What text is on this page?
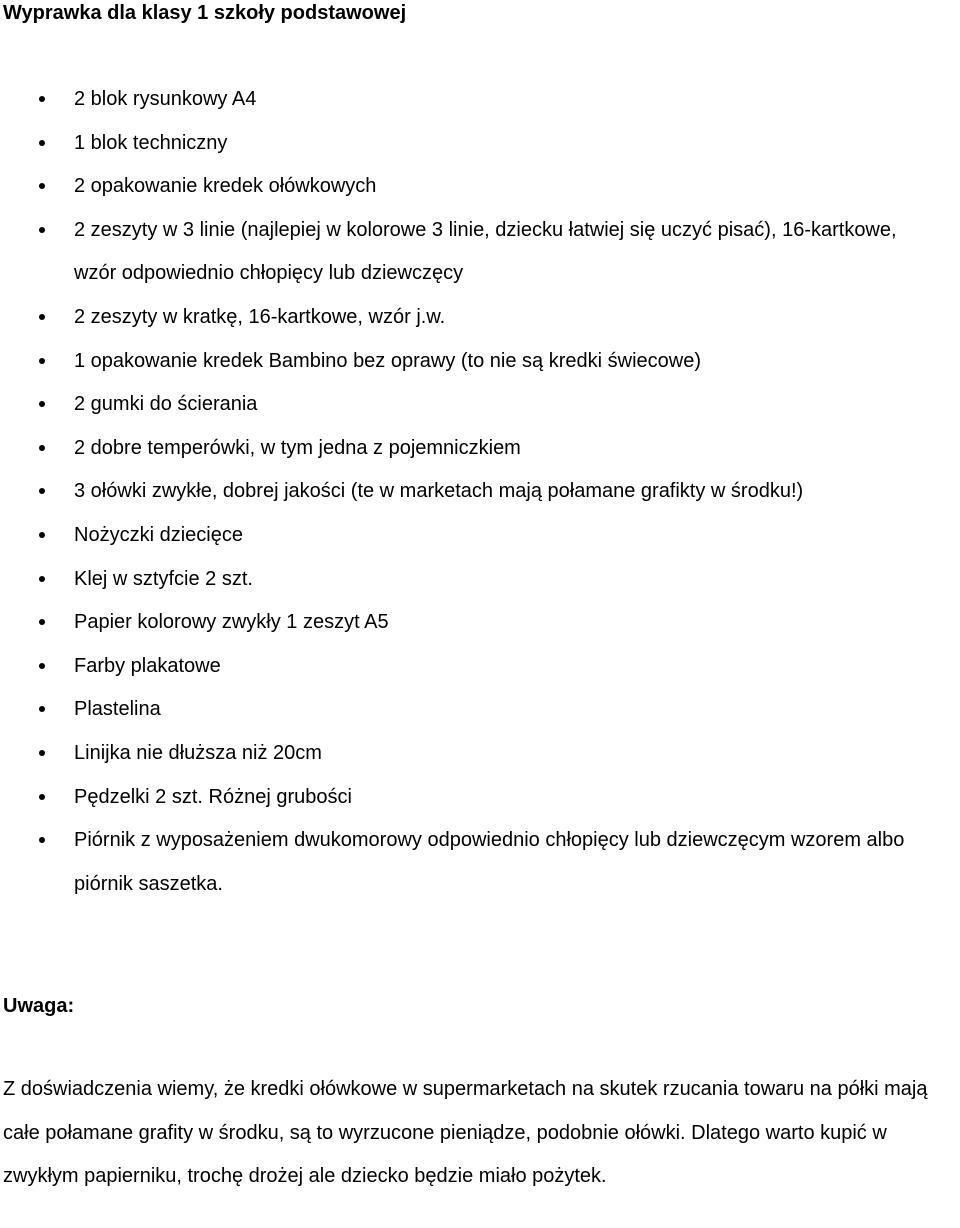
Wyprawka dla klasy 1 szkoły podstawowej
2 blok rysunkowy A4
1 blok techniczny
2 opakowanie kredek ołówkowych
2 zeszyty w 3 linie (najlepiej w kolorowe 3 linie, dziecku łatwiej się uczyć pisać), 16-kartkowe, wzór odpowiednio chłopięcy lub dziewczęcy
2 zeszyty w kratkę, 16-kartkowe, wzór j.w.
1 opakowanie kredek Bambino bez oprawy (to nie są kredki świecowe)
2 gumki do ścierania
2 dobre temperówki, w tym jedna z pojemniczkiem
3 ołówki zwykłe, dobrej jakości (te w marketach mają połamane grafikty w środku!)
Nożyczki dziecięce
Klej w sztyfcie 2 szt.
Papier kolorowy zwykły 1 zeszyt A5
Farby plakatowe
Plastelina
Linijka nie dłuższa niż 20cm
Pędzelki 2 szt. Różnej grubości
Piórnik z wyposażeniem dwukomorowy odpowiednio chłopięcy lub dziewczęcym wzorem albo piórnik saszetka.
Uwaga:

Z doświadczenia wiemy, że kredki ołówkowe w supermarketach na skutek rzucania towaru na półki mają całe połamane grafity w środku, są to wyrzucone pieniądze, podobnie ołówki. Dlatego warto kupić w zwykłym papierniku, trochę drożej ale dziecko będzie miało pożytek.
